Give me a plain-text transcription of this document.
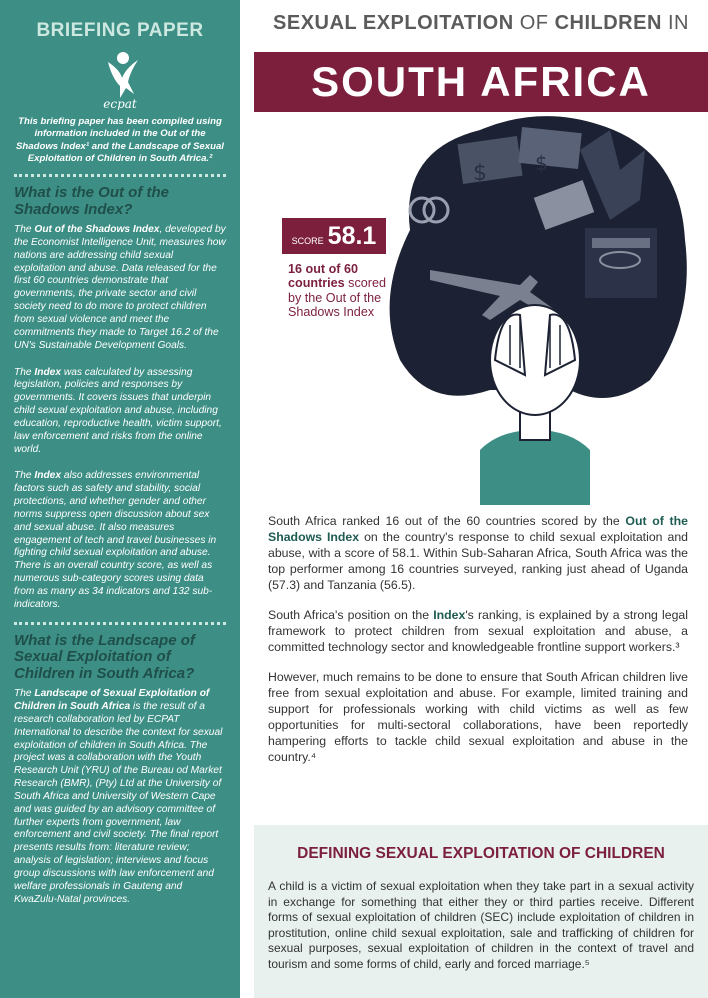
BRIEFING PAPER
ecpat
This briefing paper has been compiled using information included in the Out of the Shadows Index¹ and the Landscape of Sexual Exploitation of Children in South Africa.²
What is the Out of the Shadows Index?

The Out of the Shadows Index, developed by the Economist Intelligence Unit, measures how nations are addressing child sexual exploitation and abuse. Data released for the first 60 countries demonstrate that governments, the private sector and civil society need to do more to protect children from sexual violence and meet the commitments they made to Target 16.2 of the UN's Sustainable Development Goals.

The Index was calculated by assessing legislation, policies and responses by governments. It covers issues that underpin child sexual exploitation and abuse, including education, reproductive health, victim support, law enforcement and risks from the online world.

The Index also addresses environmental factors such as safety and stability, social protections, and whether gender and other norms suppress open discussion about sex and sexual abuse. It also measures engagement of tech and travel businesses in fighting child sexual exploitation and abuse. There is an overall country score, as well as numerous sub-category scores using data from as many as 34 indicators and 132 sub-indicators.

What is the Landscape of Sexual Exploitation of Children in South Africa?

The Landscape of Sexual Exploitation of Children in South Africa is the result of a research collaboration led by ECPAT International to describe the context for sexual exploitation of children in South Africa. The project was a collaboration with the Youth Research Unit (YRU) of the Bureau od Market Research (BMR), (Pty) Ltd at the University of South Africa and University of Western Cape and was guided by an advisory committee of further experts from government, law enforcement and civil society. The final report presents results from: literature review; analysis of legislation; interviews and focus group discussions with law enforcement and welfare professionals in Gauteng and KwaZulu-Natal provinces.

SEXUAL EXPLOITATION OF CHILDREN IN
SOUTH AFRICA
$ $
SCORE 58.1
16 out of 60 countries scored by the Out of the Shadows Index

South Africa ranked 16 out of the 60 countries scored by the Out of the Shadows Index on the country's response to child sexual exploitation and abuse, with a score of 58.1. Within Sub-Saharan Africa, South Africa was the top performer among 16 countries surveyed, ranking just ahead of Uganda (57.3) and Tanzania (56.5).

South Africa's position on the Index's ranking, is explained by a strong legal framework to protect children from sexual exploitation and abuse, a committed technology sector and knowledgeable frontline support workers.³

However, much remains to be done to ensure that South African children live free from sexual exploitation and abuse. For example, limited training and support for professionals working with child victims as well as few opportunities for multi-sectoral collaborations, have been reportedly hampering efforts to tackle child sexual exploitation and abuse in the country.⁴

DEFINING SEXUAL EXPLOITATION OF CHILDREN

A child is a victim of sexual exploitation when they take part in a sexual activity in exchange for something that either they or third parties receive. Different forms of sexual exploitation of children (SEC) include exploitation of children in prostitution, online child sexual exploitation, sale and trafficking of children for sexual purposes, sexual exploitation of children in the context of travel and tourism and some forms of child, early and forced marriage.⁵
